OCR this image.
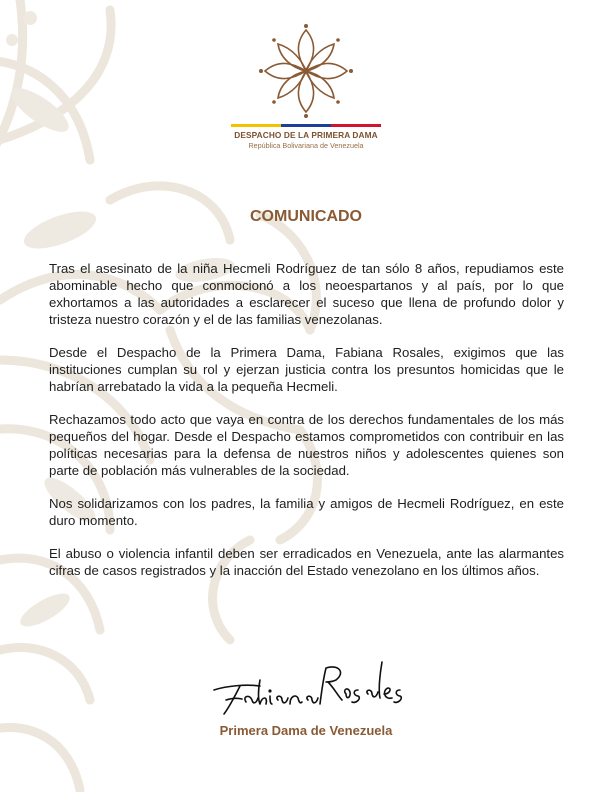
DESPACHO DE LA PRIMERA DAMA
República Bolivariana de Venezuela
COMUNICADO

Tras el asesinato de la niña Hecmeli Rodríguez de tan sólo 8 años, repudiamos este abominable hecho que conmocionó a los neoespartanos y al país, por lo que exhortamos a las autoridades a esclarecer el suceso que llena de profundo dolor y tristeza nuestro corazón y el de las familias venezolanas.

Desde el Despacho de la Primera Dama, Fabiana Rosales, exigimos que las instituciones cumplan su rol y ejerzan justicia contra los presuntos homicidas que le habrían arrebatado la vida a la pequeña Hecmeli.

Rechazamos todo acto que vaya en contra de los derechos fundamentales de los más pequeños del hogar. Desde el Despacho estamos comprometidos con contribuir en las políticas necesarias para la defensa de nuestros niños y adolescentes quienes son parte de población más vulnerables de la sociedad.

Nos solidarizamos con los padres, la familia y amigos de Hecmeli Rodríguez, en este duro momento.

El abuso o violencia infantil deben ser erradicados en Venezuela, ante las alarmantes cifras de casos registrados y la inacción del Estado venezolano en los últimos años.

Primera Dama de Venezuela
